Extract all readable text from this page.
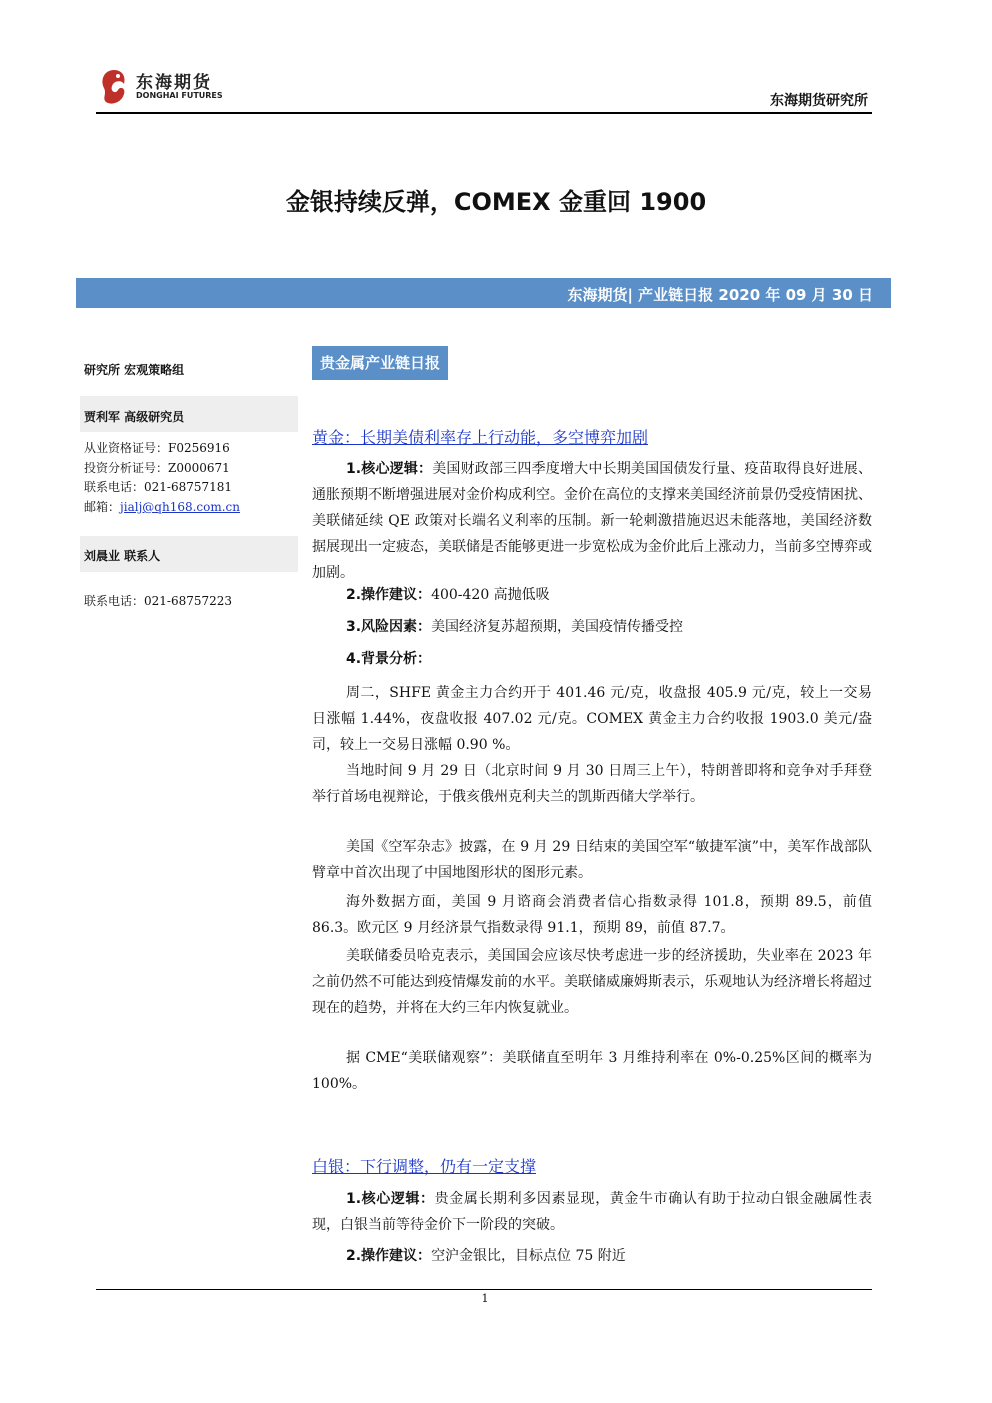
东海期货
DONGHAI FUTURES	东海期货研究所
金银持续反弹，COMEX 金重回 1900
东海期货| 产业链日报 2020 年 09 月 30 日
研究所 宏观策略组
贾利军 高级研究员
从业资格证号：F0256916
投资分析证号：Z0000671
联系电话：021-68757181
邮箱：jialj@qh168.com.cn
刘晨业 联系人
联系电话：021-68757223
贵金属产业链日报
黄金：长期美债利率存上行动能，多空博弈加剧
1.核心逻辑：美国财政部三四季度增大中长期美国国债发行量、疫苗取得良好进展、通胀预期不断增强进展对金价构成利空。金价在高位的支撑来美国经济前景仍受疫情困扰、美联储延续 QE 政策对长端名义利率的压制。新一轮刺激措施迟迟未能落地，美国经济数据展现出一定疲态，美联储是否能够更进一步宽松成为金价此后上涨动力，当前多空博弈或加剧。
2.操作建议：400-420 高抛低吸
3.风险因素：美国经济复苏超预期，美国疫情传播受控
4.背景分析：
周二，SHFE 黄金主力合约开于 401.46 元/克，收盘报 405.9 元/克，较上一交易日涨幅 1.44%，夜盘收报 407.02 元/克。COMEX 黄金主力合约收报 1903.0 美元/盎司，较上一交易日涨幅 0.90 %。
当地时间 9 月 29 日（北京时间 9 月 30 日周三上午），特朗普即将和竞争对手拜登举行首场电视辩论，于俄亥俄州克利夫兰的凯斯西储大学举行。
美国《空军杂志》披露，在 9 月 29 日结束的美国空军“敏捷军演”中，美军作战部队臂章中首次出现了中国地图形状的图形元素。
海外数据方面，美国 9 月谘商会消费者信心指数录得 101.8，预期 89.5，前值 86.3。欧元区 9 月经济景气指数录得 91.1，预期 89，前值 87.7。
美联储委员哈克表示，美国国会应该尽快考虑进一步的经济援助，失业率在 2023 年之前仍然不可能达到疫情爆发前的水平。美联储威廉姆斯表示，乐观地认为经济增长将超过现在的趋势，并将在大约三年内恢复就业。
据 CME“美联储观察”：美联储直至明年 3 月维持利率在 0%-0.25%区间的概率为 100%。
白银：下行调整，仍有一定支撑
1.核心逻辑：贵金属长期利多因素显现，黄金牛市确认有助于拉动白银金融属性表现，白银当前等待金价下一阶段的突破。
2.操作建议：空沪金银比，目标点位 75 附近
1
